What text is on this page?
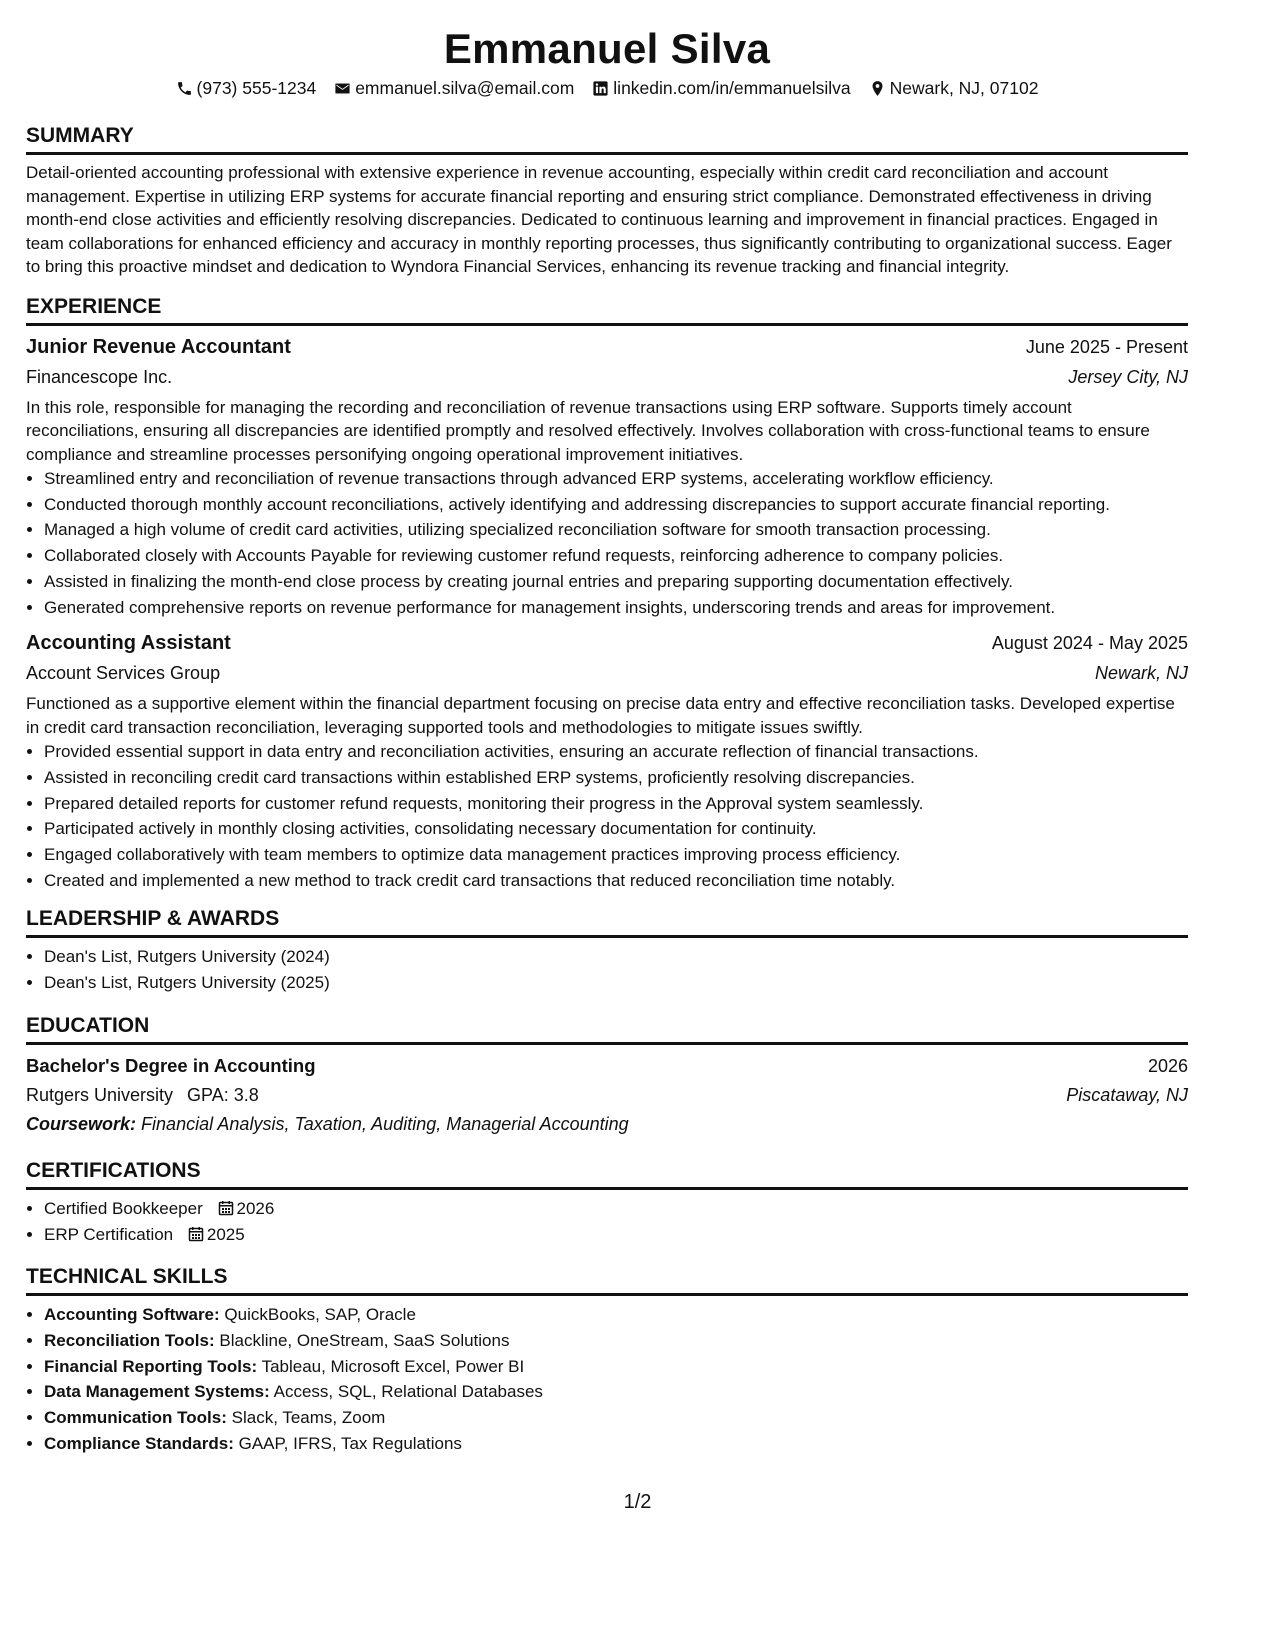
Emmanuel Silva
(973) 555-1234 emmanuel.silva@email.com linkedin.com/in/emmanuelsilva Newark, NJ, 07102
SUMMARY

Detail-oriented accounting professional with extensive experience in revenue accounting, especially within credit card reconciliation and account management. Expertise in utilizing ERP systems for accurate financial reporting and ensuring strict compliance. Demonstrated effectiveness in driving month-end close activities and efficiently resolving discrepancies. Dedicated to continuous learning and improvement in financial practices. Engaged in team collaborations for enhanced efficiency and accuracy in monthly reporting processes, thus significantly contributing to organizational success. Eager to bring this proactive mindset and dedication to Wyndora Financial Services, enhancing its revenue tracking and financial integrity.

EXPERIENCE
Junior Revenue Accountant	June 2025 - Present
Financescope Inc.	Jersey City, NJ

In this role, responsible for managing the recording and reconciliation of revenue transactions using ERP software. Supports timely account reconciliations, ensuring all discrepancies are identified promptly and resolved effectively. Involves collaboration with cross-functional teams to ensure compliance and streamline processes personifying ongoing operational improvement initiatives.

• Streamlined entry and reconciliation of revenue transactions through advanced ERP systems, accelerating workflow efficiency.
• Conducted thorough monthly account reconciliations, actively identifying and addressing discrepancies to support accurate financial reporting.
• Managed a high volume of credit card activities, utilizing specialized reconciliation software for smooth transaction processing.
• Collaborated closely with Accounts Payable for reviewing customer refund requests, reinforcing adherence to company policies.
• Assisted in finalizing the month-end close process by creating journal entries and preparing supporting documentation effectively.
• Generated comprehensive reports on revenue performance for management insights, underscoring trends and areas for improvement.
Accounting Assistant	August 2024 - May 2025
Account Services Group	Newark, NJ

Functioned as a supportive element within the financial department focusing on precise data entry and effective reconciliation tasks. Developed expertise in credit card transaction reconciliation, leveraging supported tools and methodologies to mitigate issues swiftly.

• Provided essential support in data entry and reconciliation activities, ensuring an accurate reflection of financial transactions.
• Assisted in reconciling credit card transactions within established ERP systems, proficiently resolving discrepancies.
• Prepared detailed reports for customer refund requests, monitoring their progress in the Approval system seamlessly.
• Participated actively in monthly closing activities, consolidating necessary documentation for continuity.
• Engaged collaboratively with team members to optimize data management practices improving process efficiency.
• Created and implemented a new method to track credit card transactions that reduced reconciliation time notably.
LEADERSHIP & AWARDS
• Dean's List, Rutgers University (2024)
• Dean's List, Rutgers University (2025)
EDUCATION
Bachelor's Degree in Accounting	2026
Rutgers University GPA: 3.8	Piscataway, NJ
Coursework: Financial Analysis, Taxation, Auditing, Managerial Accounting
CERTIFICATIONS
• Certified Bookkeeper 2026
• ERP Certification 2025
TECHNICAL SKILLS
• Accounting Software: QuickBooks, SAP, Oracle
• Reconciliation Tools: Blackline, OneStream, SaaS Solutions
• Financial Reporting Tools: Tableau, Microsoft Excel, Power BI
• Data Management Systems: Access, SQL, Relational Databases
• Communication Tools: Slack, Teams, Zoom
• Compliance Standards: GAAP, IFRS, Tax Regulations
1/2
